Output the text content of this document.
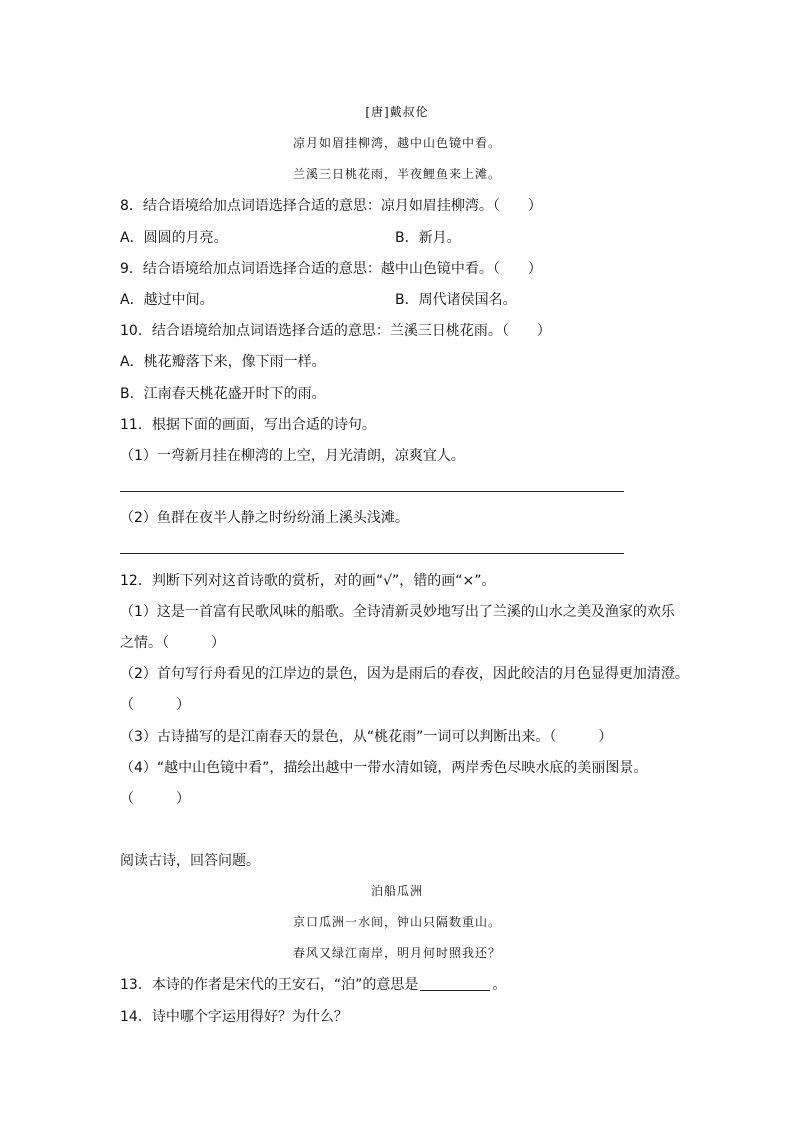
[唐]戴叔伦
凉月如眉挂柳湾，越中山色镜中看。
兰溪三日桃花雨，半夜鲤鱼来上滩。
8．结合语境给加点词语选择合适的意思：凉月如眉挂柳湾。（　　）
A．圆圆的月亮。	B．新月。
9．结合语境给加点词语选择合适的意思：越中山色镜中看。（　　）
A．越过中间。	B．周代诸侯国名。
10．结合语境给加点词语选择合适的意思：兰溪三日桃花雨。（　　）
A．桃花瓣落下来，像下雨一样。
B．江南春天桃花盛开时下的雨。
11．根据下面的画面，写出合适的诗句。
（1）一弯新月挂在柳湾的上空，月光清朗，凉爽宜人。
（2）鱼群在夜半人静之时纷纷涌上溪头浅滩。
12．判断下列对这首诗歌的赏析，对的画“√”，错的画“×”。
（1）这是一首富有民歌风味的船歌。全诗清新灵妙地写出了兰溪的山水之美及渔家的欢乐
之情。（　　　）
（2）首句写行舟看见的江岸边的景色，因为是雨后的春夜，因此皎洁的月色显得更加清澄。
（　　　）
（3）古诗描写的是江南春天的景色，从“桃花雨”一词可以判断出来。（　　　）
（4）“越中山色镜中看”，描绘出越中一带水清如镜，两岸秀色尽映水底的美丽图景。
（　　　）
阅读古诗，回答问题。
泊船瓜洲
京口瓜洲一水间，钟山只隔数重山。
春风又绿江南岸，明月何时照我还？
13．本诗的作者是宋代的王安石，“泊”的意思是	。
14．诗中哪个字运用得好？为什么？
